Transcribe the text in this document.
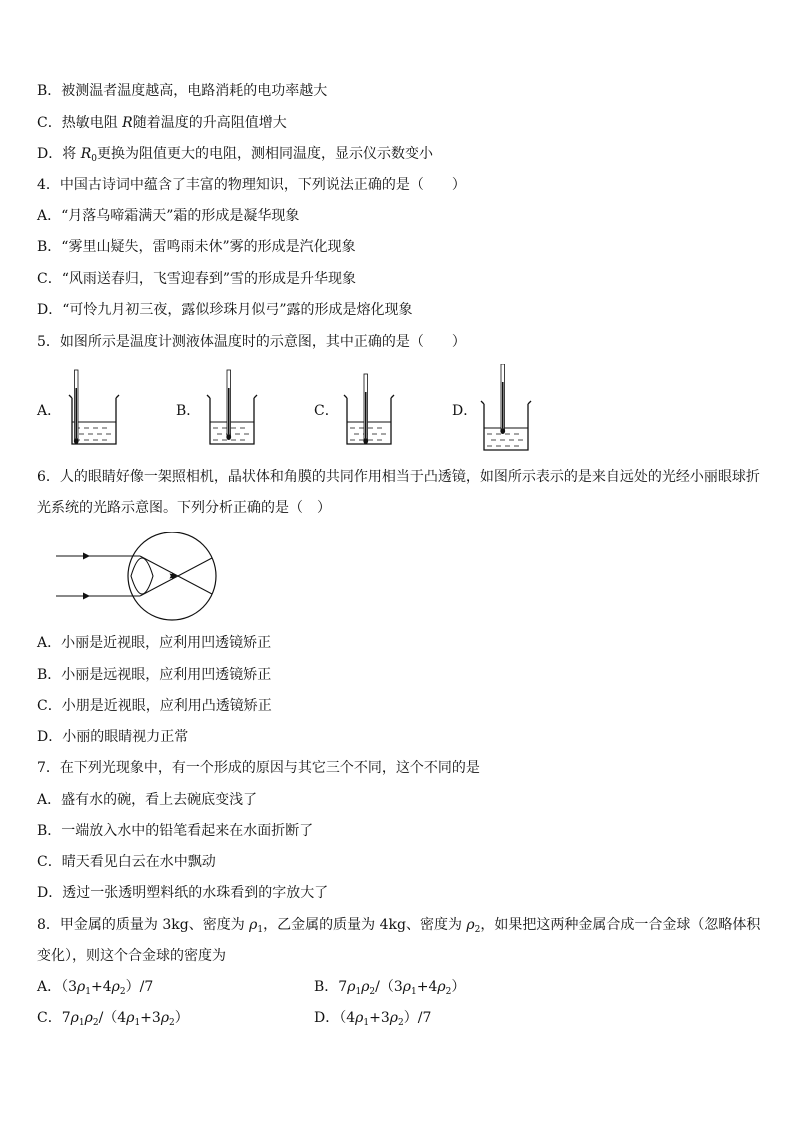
B．被测温者温度越高，电路消耗的电功率越大
C．热敏电阻 R随着温度的升高阻值增大
D．将 $R_0$更换为阻值更大的电阻，测相同温度，显示仪示数变小
4．中国古诗词中蕴含了丰富的物理知识，下列说法正确的是（　　）
A．“月落乌啼霜满天”霜的形成是凝华现象
B．“雾里山疑失，雷鸣雨未休”雾的形成是汽化现象
C．“风雨送春归，飞雪迎春到”雪的形成是升华现象
D．“可怜九月初三夜，露似珍珠月似弓”露的形成是熔化现象
5．如图所示是温度计测液体温度时的示意图，其中正确的是（　　）
A．	B．	C．	D．
6．人的眼睛好像一架照相机，晶状体和角膜的共同作用相当于凸透镜，如图所示表示的是来自远处的光经小丽眼球折
光系统的光路示意图。下列分析正确的是（　）
A．小丽是近视眼，应利用凹透镜矫正
B．小丽是远视眼，应利用凹透镜矫正
C．小朋是近视眼，应利用凸透镜矫正
D．小丽的眼睛视力正常
7．在下列光现象中，有一个形成的原因与其它三个不同，这个不同的是
A．盛有水的碗，看上去碗底变浅了
B．一端放入水中的铅笔看起来在水面折断了
C．晴天看见白云在水中飘动
D．透过一张透明塑料纸的水珠看到的字放大了
8．甲金属的质量为 3kg、密度为 $\rho_1$，乙金属的质量为 4kg、密度为 $\rho_2$，如果把这两种金属合成一合金球（忽略体积
变化），则这个合金球的密度为
A．$(3\rho_1+4\rho_2)/7$	B．$7\rho_1\rho_2/(3\rho_1+4\rho_2)$
C．$7\rho_1\rho_2/(4\rho_1+3\rho_2)$	D．$(4\rho_1+3\rho_2)/7$
